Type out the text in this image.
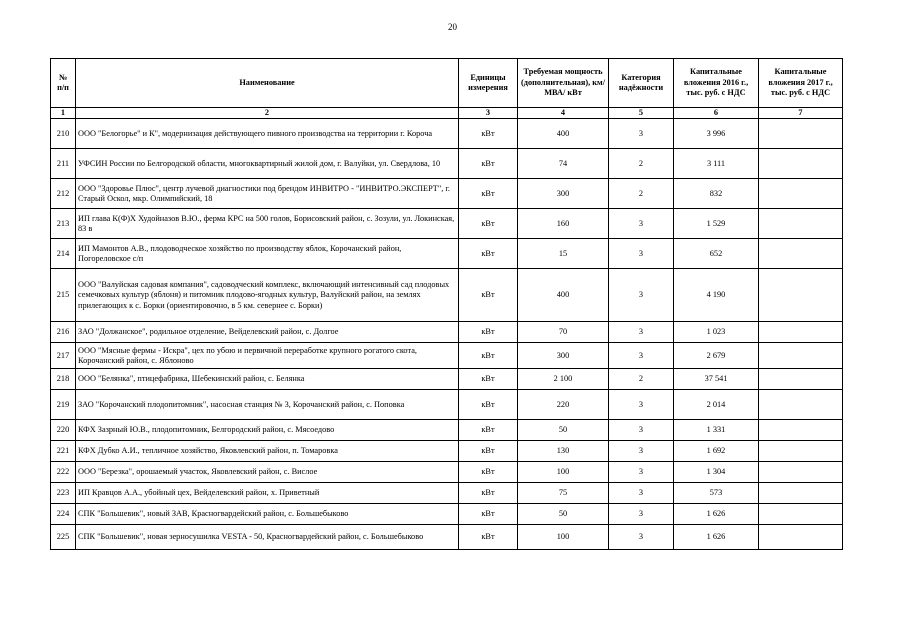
20
№
п/п	Наименование	Единицы измерения	Требуемая мощность (дополнительная), км/ МВА/ кВт	Категория надёжности	Капитальные вложения 2016 г., тыс. руб. с НДС	Капитальные вложения 2017 г., тыс. руб. с НДС
1	2	3	4	5	6	7
210	ООО "Белогорье" и К", модернизация действующего пивного производства на территории г. Короча	кВт	400	3	3 996	
211	УФСИН России по Белгородской области, многоквартирный жилой дом, г. Валуйки, ул. Свердлова, 10	кВт	74	2	3 111	
212	ООО "Здоровье Плюс", центр лучевой диагностики под брендом ИНВИТРО - "ИНВИТРО.ЭКСПЕРТ", г. Старый Оскол, мкр. Олимпийский, 18	кВт	300	2	832	
213	ИП глава К(Ф)Х Худойназов В.Ю., ферма КРС на 500 голов, Борисовский район, с. Зозули, ул. Локинская, 83 в	кВт	160	3	1 529	
214	ИП Мамонтов А.В., плодоводческое хозяйство по производству яблок, Корочанский район, Погореловское с/п	кВт	15	3	652	
215	ООО "Валуйская садовая компания", садоводческий комплекс, включающий интенсивный сад плодовых семечковых культур (яблоня) и питомник плодово-ягодных культур, Валуйский район, на землях прилегающих к с. Борки (ориентировочно, в 5 км. севернее с. Борки)	кВт	400	3	4 190	
216	ЗАО "Должанское", родильное отделение, Вейделевский район, с. Долгое	кВт	70	3	1 023	
217	ООО "Мясные фермы - Искра", цех по убою и первичной переработке крупного рогатого скота, Корочанский район, с. Яблоново	кВт	300	3	2 679	
218	ООО "Белянка", птицефабрика, Шебекинский район, с. Белянка	кВт	2 100	2	37 541	
219	ЗАО "Корочанский плодопитомник", насосная станция № 3, Корочанский район, с. Поповка	кВт	220	3	2 014	
220	КФХ Зазрный Ю.В., плодопитомник, Белгородский район, с. Мясоедово	кВт	50	3	1 331	
221	КФХ Дубко А.И., тепличное хозяйство, Яковлевский район, п. Томаровка	кВт	130	3	1 692	
222	ООО "Березка", орошаемый участок, Яковлевский район, с. Вислое	кВт	100	3	1 304	
223	ИП Кравцов А.А., убойный цех, Вейделевский район, х. Приветный	кВт	75	3	573	
224	СПК "Большевик", новый ЗАВ, Красногвардейский район, с. Большебыково	кВт	50	3	1 626	
225	СПК "Большевик", новая зерносушилка VESTA - 50, Красногвардейский район, с. Большебыково	кВт	100	3	1 626	
